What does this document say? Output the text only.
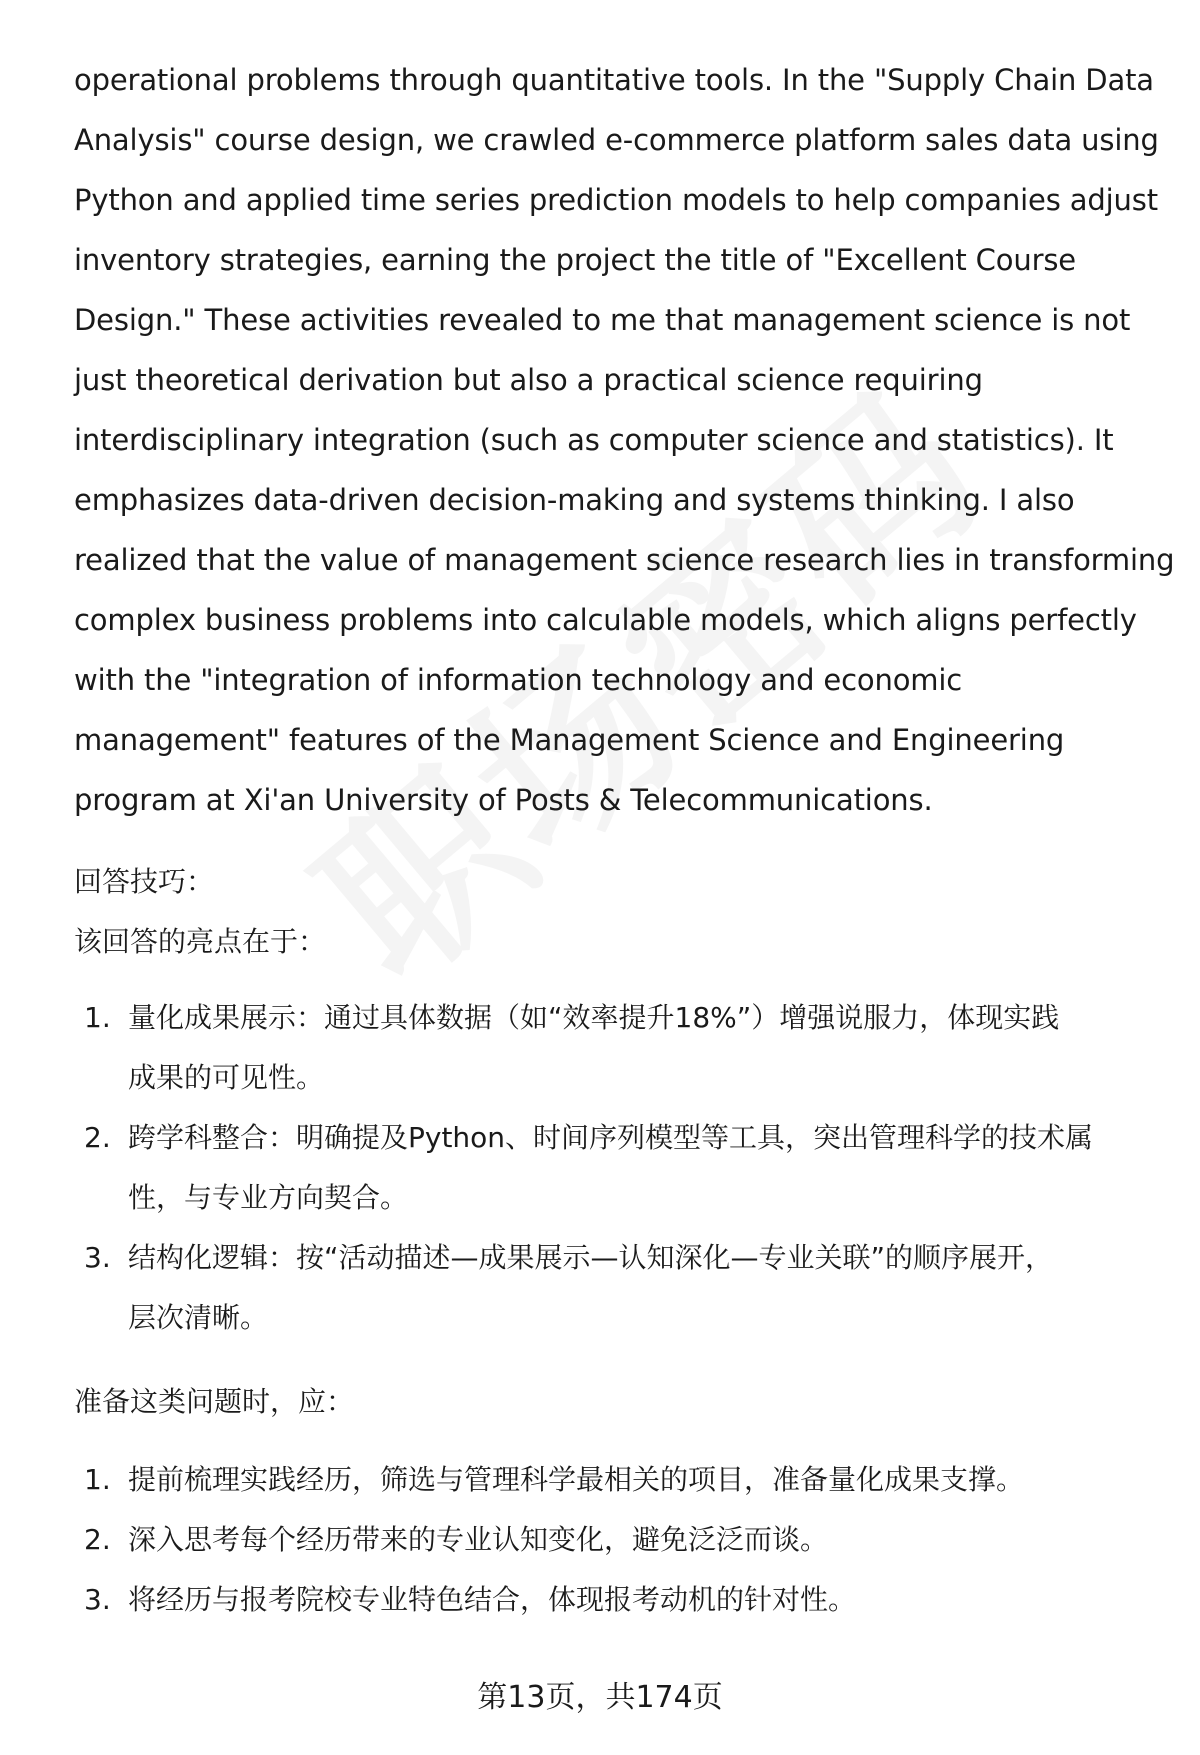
operational problems through quantitative tools. In the "Supply Chain Data
Analysis" course design, we crawled e-commerce platform sales data using
Python and applied time series prediction models to help companies adjust
inventory strategies, earning the project the title of "Excellent Course
Design." These activities revealed to me that management science is not
just theoretical derivation but also a practical science requiring
interdisciplinary integration (such as computer science and statistics). It
emphasizes data-driven decision-making and systems thinking. I also
realized that the value of management science research lies in transforming
complex business problems into calculable models, which aligns perfectly
with the "integration of information technology and economic
management" features of the Management Science and Engineering
program at Xi'an University of Posts & Telecommunications.

回答技巧：

该回答的亮点在于：

1. 量化成果展示：通过具体数据（如“效率提升18%”）增强说服力，体现实践
成果的可见性。
2. 跨学科整合：明确提及Python、时间序列模型等工具，突出管理科学的技术属
性，与专业方向契合。
3. 结构化逻辑：按“活动描述—成果展示—认知深化—专业关联”的顺序展开，
层次清晰。

准备这类问题时，应：

1. 提前梳理实践经历，筛选与管理科学最相关的项目，准备量化成果支撑。
2. 深入思考每个经历带来的专业认知变化，避免泛泛而谈。
3. 将经历与报考院校专业特色结合，体现报考动机的针对性。
第13页，共174页
